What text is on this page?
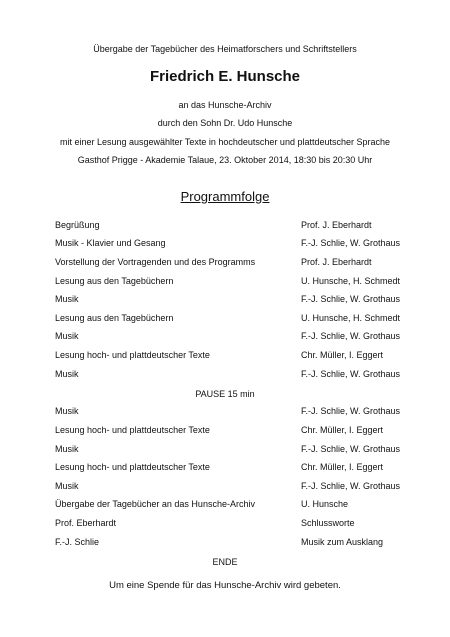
Übergabe der Tagebücher des Heimatforschers und Schriftstellers
Friedrich E. Hunsche
an das Hunsche-Archiv
durch den Sohn Dr. Udo Hunsche
mit einer Lesung ausgewählter Texte in hochdeutscher und plattdeutscher Sprache
Gasthof Prigge - Akademie Talaue, 23. Oktober 2014, 18:30 bis 20:30 Uhr
Programmfolge
Begrüßung	Prof. J. Eberhardt
Musik - Klavier und Gesang	F.-J. Schlie, W. Grothaus
Vorstellung der Vortragenden und des Programms	Prof. J. Eberhardt
Lesung aus den Tagebüchern	U. Hunsche, H. Schmedt
Musik	F.-J. Schlie, W. Grothaus
Lesung aus den Tagebüchern	U. Hunsche, H. Schmedt
Musik	F.-J. Schlie, W. Grothaus
Lesung hoch- und plattdeutscher Texte	Chr. Müller, I. Eggert
Musik	F.-J. Schlie, W. Grothaus
PAUSE 15 min
Musik	F.-J. Schlie, W. Grothaus
Lesung hoch- und plattdeutscher Texte	Chr. Müller, I. Eggert
Musik	F.-J. Schlie, W. Grothaus
Lesung hoch- und plattdeutscher Texte	Chr. Müller, I. Eggert
Musik	F.-J. Schlie, W. Grothaus
Übergabe der Tagebücher an das Hunsche-Archiv	U. Hunsche
Prof. Eberhardt	Schlussworte
F.-J. Schlie	Musik zum Ausklang
ENDE
Um eine Spende für das Hunsche-Archiv wird gebeten.
